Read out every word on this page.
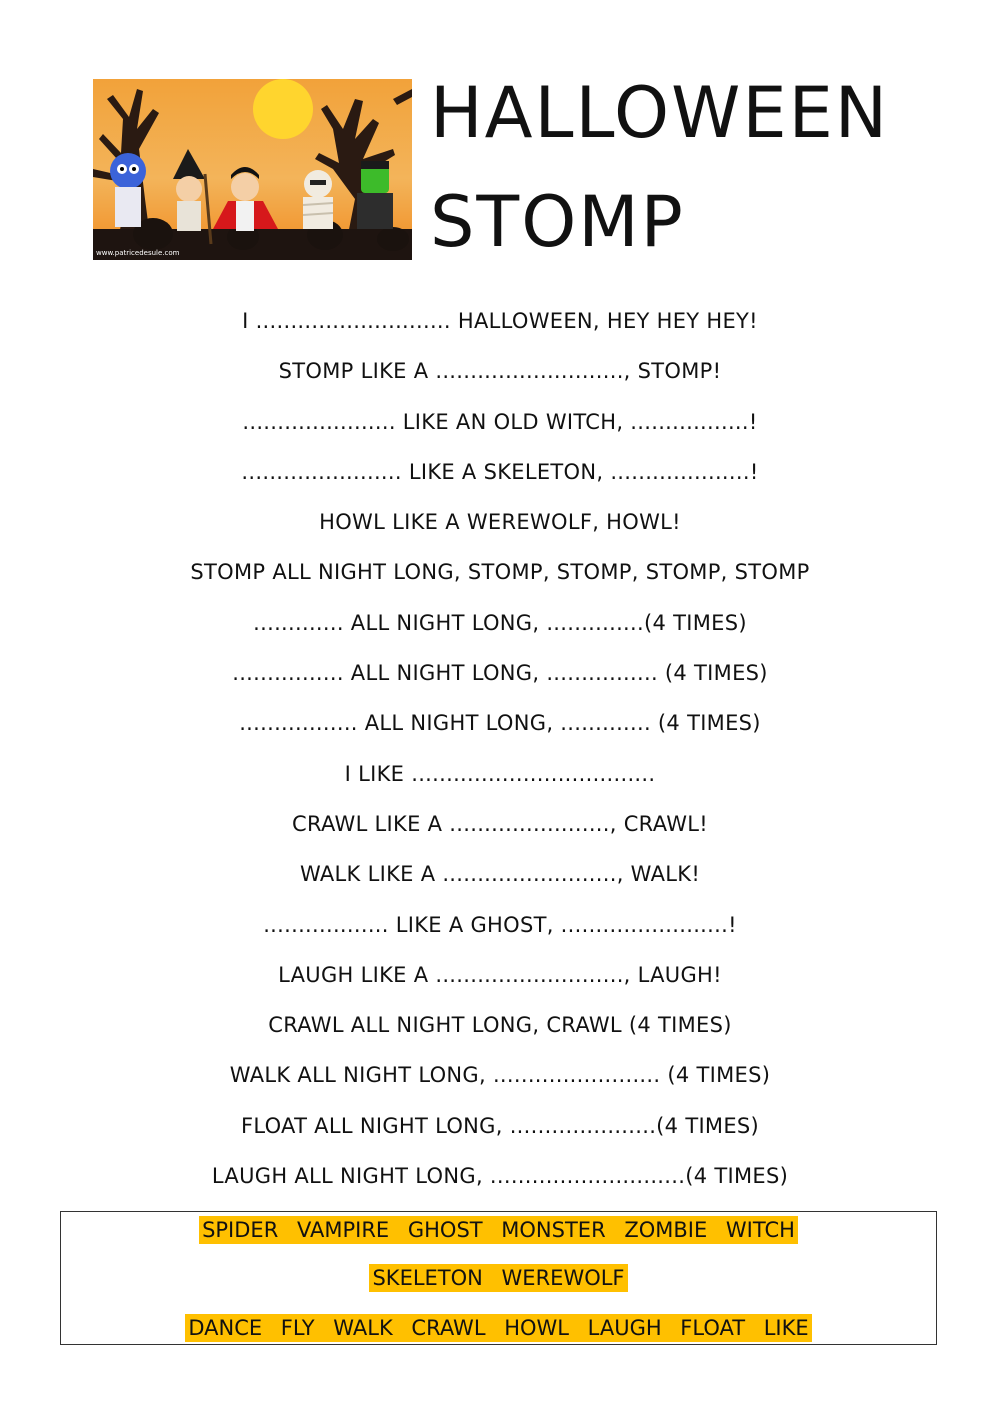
www.patricedesule.com
HALLOWEEN
STOMP
I ............................ HALLOWEEN, HEY HEY HEY!
STOMP LIKE A ..........................., STOMP!
...................... LIKE AN OLD WITCH, .................!
....................... LIKE A SKELETON, ....................!
HOWL LIKE A WEREWOLF, HOWL!
STOMP ALL NIGHT LONG, STOMP, STOMP, STOMP, STOMP
............. ALL NIGHT LONG, ..............(4 TIMES)
................ ALL NIGHT LONG, ................ (4 TIMES)
................. ALL NIGHT LONG, ............. (4 TIMES)
I LIKE ...................................
CRAWL LIKE A ......................., CRAWL!
WALK LIKE A ........................., WALK!
.................. LIKE A GHOST, ........................!
LAUGH LIKE A ..........................., LAUGH!
CRAWL ALL NIGHT LONG, CRAWL (4 TIMES)
WALK ALL NIGHT LONG, ........................ (4 TIMES)
FLOAT ALL NIGHT LONG, .....................(4 TIMES)
LAUGH ALL NIGHT LONG, ............................(4 TIMES)
SPIDER VAMPIRE GHOST MONSTER ZOMBIE WITCH
SKELETON WEREWOLF
DANCE FLY WALK CRAWL HOWL LAUGH FLOAT LIKE
